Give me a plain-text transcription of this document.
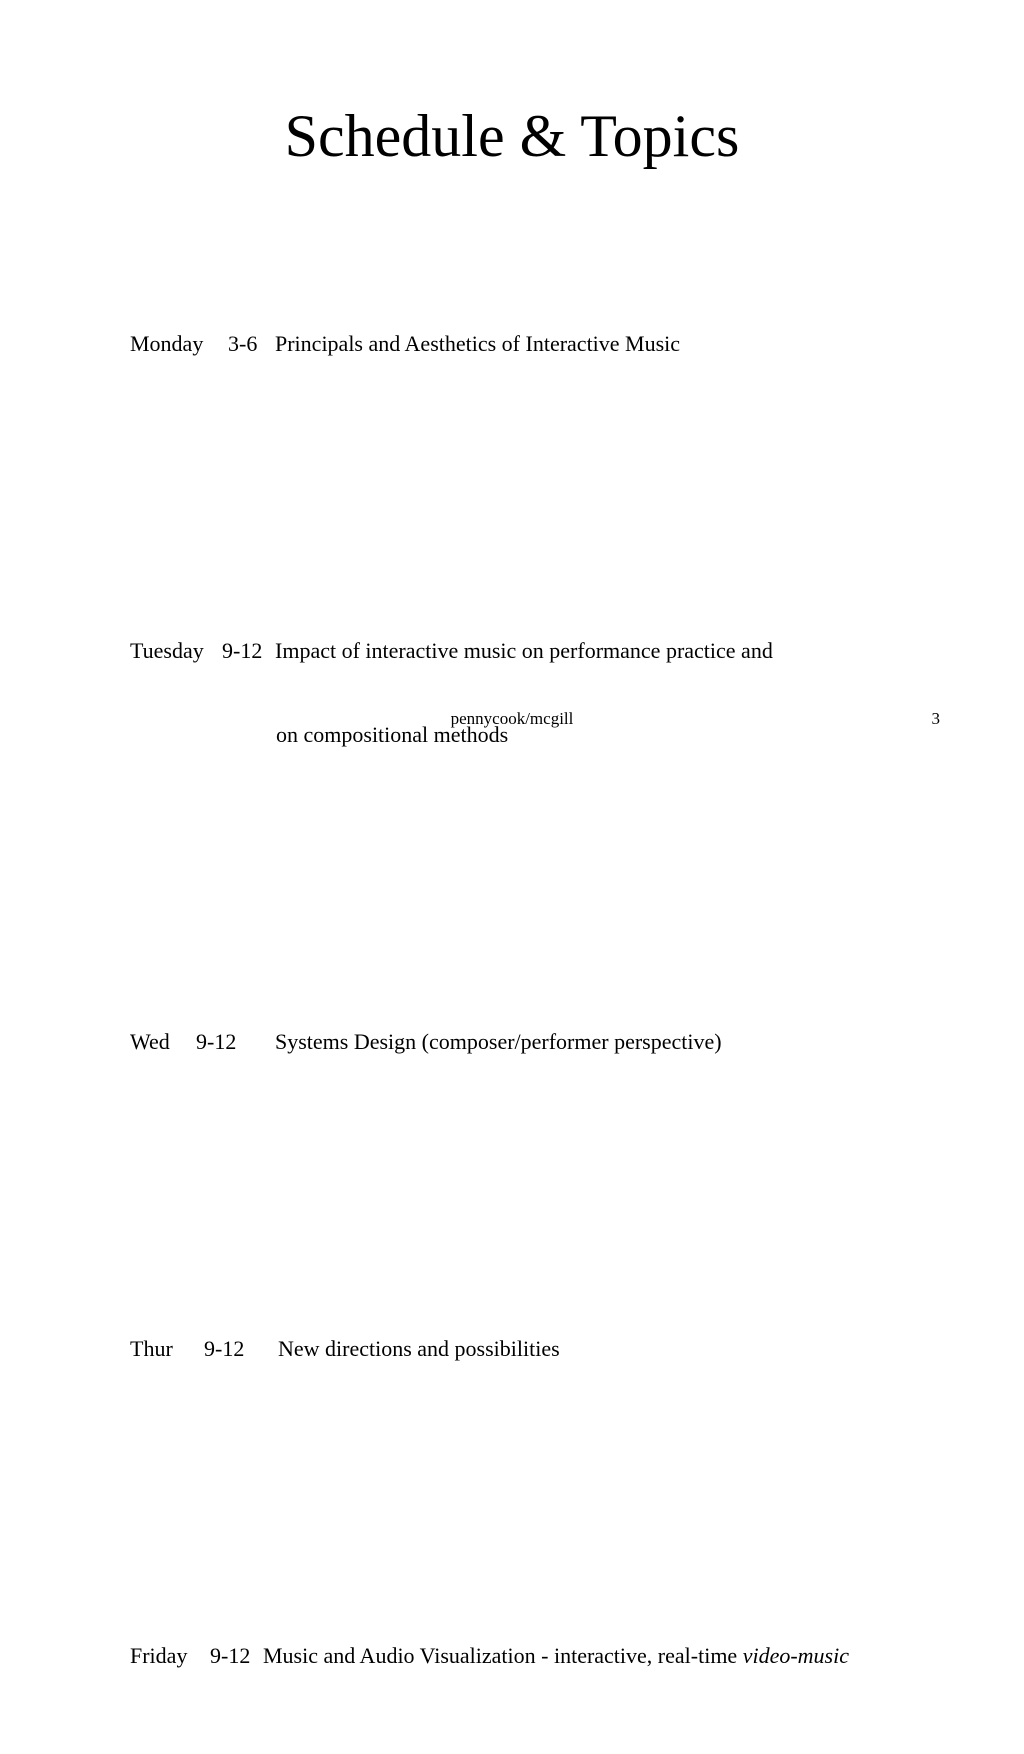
Schedule & Topics

Monday 3-6 Principals and Aesthetics of Interactive Music

Tuesday 9-12 Impact of interactive music on performance practice and

on compositional methods

Wed 9-12 Systems Design (composer/performer perspective)

Thur 9-12 New directions and possibilities

Friday 9-12 Music and Audio Visualization - interactive, real-time video-music

pennycook/mcgill	3
